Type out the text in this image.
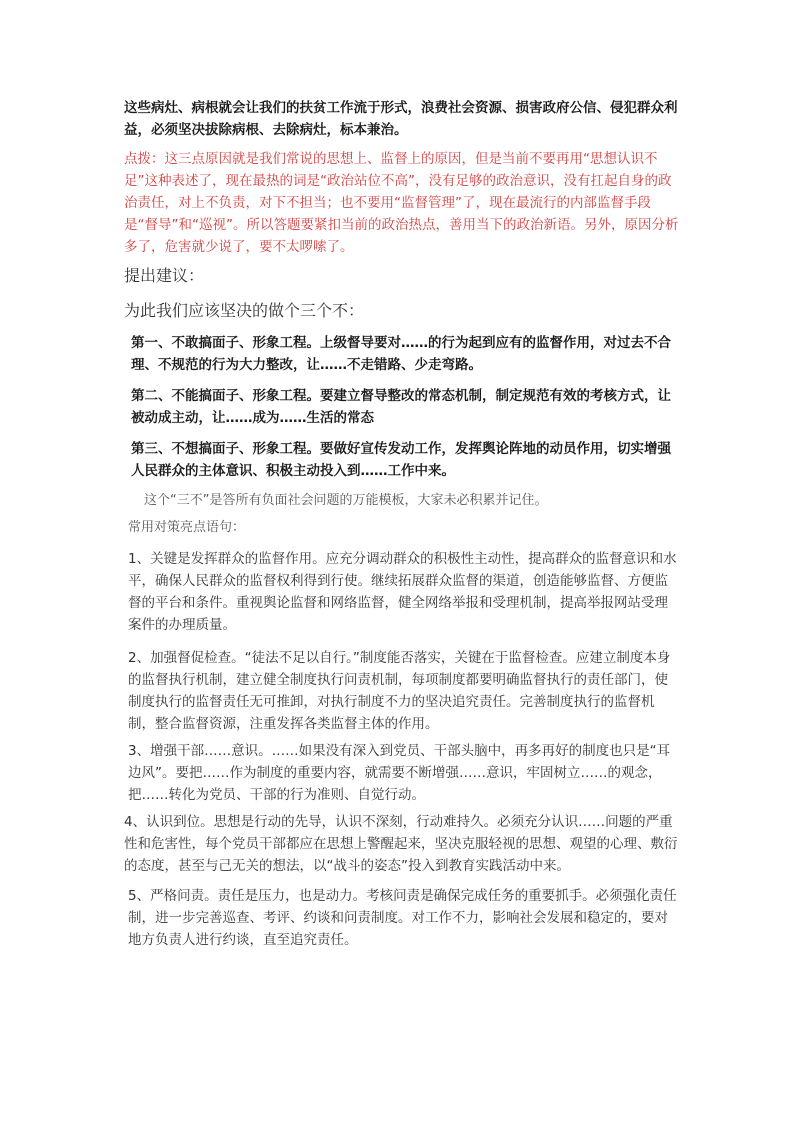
这些病灶、病根就会让我们的扶贫工作流于形式，浪费社会资源、损害政府公信、侵犯群众利益，必须坚决拔除病根、去除病灶，标本兼治。

点拨：这三点原因就是我们常说的思想上、监督上的原因，但是当前不要再用“思想认识不足”这种表述了，现在最热的词是“政治站位不高”，没有足够的政治意识，没有扛起自身的政治责任，对上不负责，对下不担当；也不要用“监督管理”了，现在最流行的内部监督手段是“督导”和“巡视”。所以答题要紧扣当前的政治热点，善用当下的政治新语。另外，原因分析多了，危害就少说了，要不太啰嗦了。

提出建议：

为此我们应该坚决的做个三个不：

第一、不敢搞面子、形象工程。上级督导要对……的行为起到应有的监督作用，对过去不合理、不规范的行为大力整改，让……不走错路、少走弯路。

第二、不能搞面子、形象工程。要建立督导整改的常态机制，制定规范有效的考核方式，让被动成主动，让……成为……生活的常态

第三、不想搞面子、形象工程。要做好宣传发动工作，发挥舆论阵地的动员作用，切实增强人民群众的主体意识、积极主动投入到……工作中来。

这个“三不”是答所有负面社会问题的万能模板，大家未必积累并记住。

常用对策亮点语句：

1、关键是发挥群众的监督作用。应充分调动群众的积极性主动性，提高群众的监督意识和水平，确保人民群众的监督权利得到行使。继续拓展群众监督的渠道，创造能够监督、方便监督的平台和条件。重视舆论监督和网络监督，健全网络举报和受理机制，提高举报网站受理案件的办理质量。

2、加强督促检查。“徒法不足以自行。”制度能否落实，关键在于监督检查。应建立制度本身的监督执行机制，建立健全制度执行问责机制，每项制度都要明确监督执行的责任部门，使制度执行的监督责任无可推卸，对执行制度不力的坚决追究责任。完善制度执行的监督机制，整合监督资源，注重发挥各类监督主体的作用。

3、增强干部……意识。……如果没有深入到党员、干部头脑中，再多再好的制度也只是“耳边风”。要把……作为制度的重要内容，就需要不断增强……意识，牢固树立……的观念，把……转化为党员、干部的行为准则、自觉行动。

4、认识到位。思想是行动的先导，认识不深刻，行动难持久。必须充分认识……问题的严重性和危害性，每个党员干部都应在思想上警醒起来，坚决克服轻视的思想、观望的心理、敷衍的态度，甚至与己无关的想法，以“战斗的姿态”投入到教育实践活动中来。

5、严格问责。责任是压力，也是动力。考核问责是确保完成任务的重要抓手。必须强化责任制，进一步完善巡查、考评、约谈和问责制度。对工作不力，影响社会发展和稳定的，要对地方负责人进行约谈，直至追究责任。
